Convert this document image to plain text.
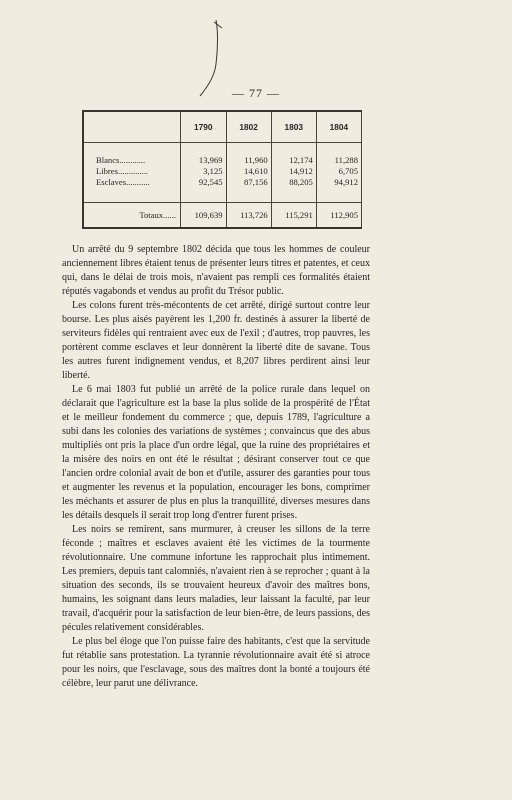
— 77 —
	1790	1802	1803	1804

Blancs............	13,969	11,960	12,174	11,288
Libres..............	3,125	14,610	14,912	6,705
Esclaves...........	92,545	87,156	88,205	94,912

Totaux......	109,639	113,726	115,291	112,905

Un arrêté du 9 septembre 1802 décida que tous les hommes de couleur anciennement libres étaient tenus de présenter leurs titres et patentes, et ceux qui, dans le délai de trois mois, n'avaient pas rempli ces formalités étaient réputés vagabonds et vendus au profit du Trésor public.

Les colons furent très-mécontents de cet arrêté, dirigé surtout contre leur bourse. Les plus aisés payèrent les 1,200 fr. destinés à assurer la liberté de serviteurs fidèles qui rentraient avec eux de l'exil ; d'autres, trop pauvres, les portèrent comme esclaves et leur donnèrent la liberté dite de savane. Tous les autres furent indignement vendus, et 8,207 libres perdirent ainsi leur liberté.

Le 6 mai 1803 fut publié un arrêté de la police rurale dans lequel on déclarait que l'agriculture est la base la plus solide de la prospérité de l'État et le meilleur fondement du commerce ; que, depuis 1789, l'agriculture a subi dans les colonies des variations de systèmes ; convaincus que des abus multipliés ont pris la place d'un ordre légal, que la ruine des propriétaires et la misère des noirs en ont été le résultat ; désirant conserver tout ce que l'ancien ordre colonial avait de bon et d'utile, assurer des garanties pour tous et augmenter les revenus et la population, encourager les bons, comprimer les méchants et assurer de plus en plus la tranquillité, diverses mesures dans les détails desquels il serait trop long d'entrer furent prises.

Les noirs se remirent, sans murmurer, à creuser les sillons de la terre féconde ; maîtres et esclaves avaient été les victimes de la tourmente révolutionnaire. Une commune infortune les rapprochait plus intimement. Les premiers, depuis tant calomniés, n'avaient rien à se reprocher ; quant à la situation des seconds, ils se trouvaient heureux d'avoir des maîtres bons, humains, les soignant dans leurs maladies, leur laissant la faculté, par leur travail, d'acquérir pour la satisfaction de leur bien-être, de leurs passions, des pécules relativement considérables.

Le plus bel éloge que l'on puisse faire des habitants, c'est que la servitude fut rétablie sans protestation. La tyrannie révolutionnaire avait été si atroce pour les noirs, que l'esclavage, sous des maîtres dont la bonté a toujours été célèbre, leur parut une délivrance.
